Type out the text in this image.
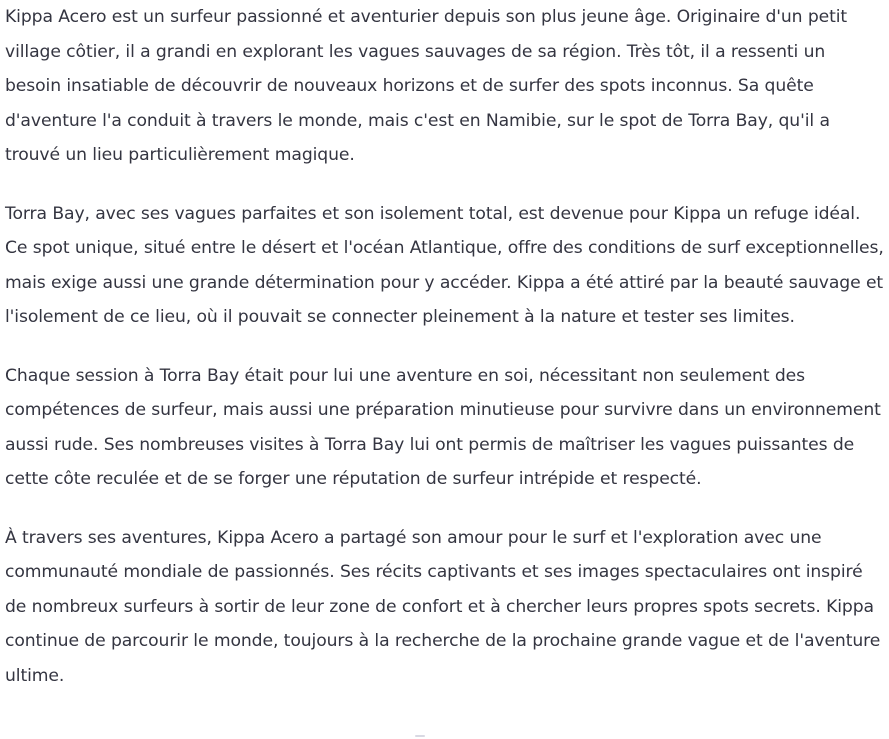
Kippa Acero est un surfeur passionné et aventurier depuis son plus jeune âge. Originaire d'un petit village côtier, il a grandi en explorant les vagues sauvages de sa région. Très tôt, il a ressenti un besoin insatiable de découvrir de nouveaux horizons et de surfer des spots inconnus. Sa quête d'aventure l'a conduit à travers le monde, mais c'est en Namibie, sur le spot de Torra Bay, qu'il a trouvé un lieu particulièrement magique.

Torra Bay, avec ses vagues parfaites et son isolement total, est devenue pour Kippa un refuge idéal. Ce spot unique, situé entre le désert et l'océan Atlantique, offre des conditions de surf exceptionnelles, mais exige aussi une grande détermination pour y accéder. Kippa a été attiré par la beauté sauvage et l'isolement de ce lieu, où il pouvait se connecter pleinement à la nature et tester ses limites.

Chaque session à Torra Bay était pour lui une aventure en soi, nécessitant non seulement des compétences de surfeur, mais aussi une préparation minutieuse pour survivre dans un environnement aussi rude. Ses nombreuses visites à Torra Bay lui ont permis de maîtriser les vagues puissantes de cette côte reculée et de se forger une réputation de surfeur intrépide et respecté.

À travers ses aventures, Kippa Acero a partagé son amour pour le surf et l'exploration avec une communauté mondiale de passionnés. Ses récits captivants et ses images spectaculaires ont inspiré de nombreux surfeurs à sortir de leur zone de confort et à chercher leurs propres spots secrets. Kippa continue de parcourir le monde, toujours à la recherche de la prochaine grande vague et de l'aventure ultime.
